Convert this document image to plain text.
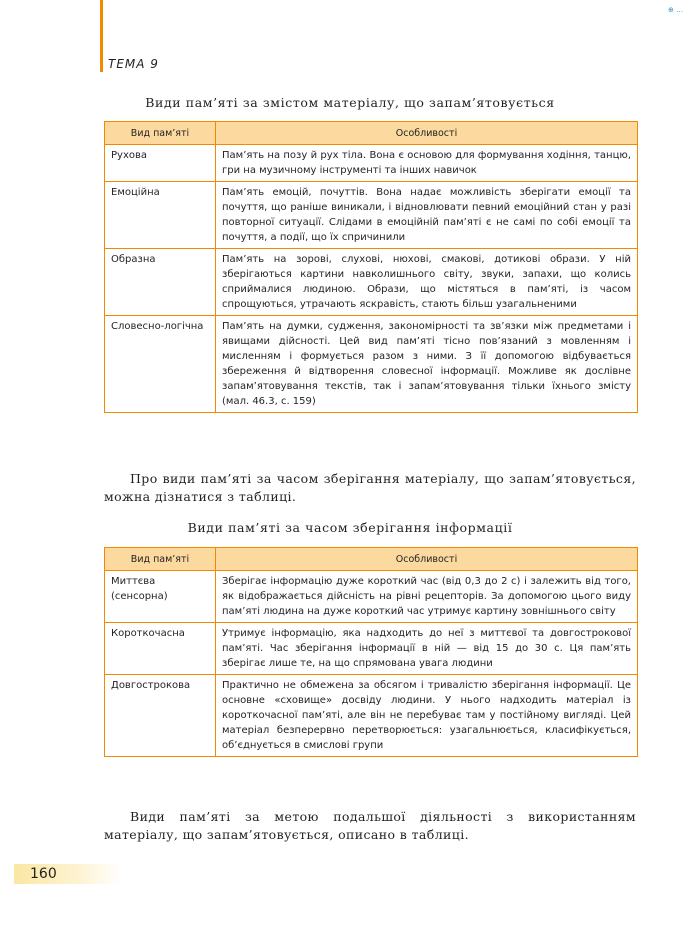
⊕ …
ТЕМА 9
Види пам’яті за змістом матеріалу, що запам’ятовується
Вид пам’яті	Особливості
Рухова	Пам’ять на позу й рух тіла. Вона є основою для формування ходіння, танцю, гри на музичному інструменті та інших навичок
Емоційна	Пам’ять емоцій, почуттів. Вона надає можливість зберігати емоції та почуття, що раніше виникали, і відновлювати певний емоційний стан у разі повторної ситуації. Слідами в емоційній пам’яті є не самі по собі емоції та почуття, а події, що їх спричинили
Образна	Пам’ять на зорові, слухові, нюхові, смакові, дотикові образи. У ній зберігаються картини навколишнього світу, звуки, запахи, що колись сприймалися людиною. Образи, що містяться в пам’яті, із часом спрощуються, утрачають яскравість, стають більш узагальненими
Словесно-логічна	Пам’ять на думки, судження, закономірності та зв’язки між предметами і явищами дійсності. Цей вид пам’яті тісно пов’язаний з мовленням і мисленням і формується разом з ними. З її допомогою відбувається збереження й відтворення словесної інформації. Можливе як дослівне запам’ятовування текстів, так і запам’ятовування тільки їхнього змісту (мал. 46.3, с. 159)

Про види пам’яті за часом зберігання матеріалу, що запам’ятовується, можна дізнатися з таблиці.

Види пам’яті за часом зберігання інформації
Вид пам’яті	Особливості
Миттєва (сенсорна)	Зберігає інформацію дуже короткий час (від 0,3 до 2 с) і залежить від того, як відображається дійсність на рівні рецепторів. За допомогою цього виду пам’яті людина на дуже короткий час утримує картину зовнішнього світу
Короткочасна	Утримує інформацію, яка надходить до неї з миттєвої та довгострокової пам’яті. Час зберігання інформації в ній — від 15 до 30 с. Ця пам’ять зберігає лише те, на що спрямована увага людини
Довгострокова	Практично не обмежена за обсягом і тривалістю зберігання інформації. Це основне «сховище» досвіду людини. У нього надходить матеріал із короткочасної пам’яті, але він не перебуває там у постійному вигляді. Цей матеріал безперервно перетворюється: узагальнюється, класифікується, об’єднується в смислові групи

Види пам’яті за метою подальшої діяльності з використанням матеріалу, що запам’ятовується, описано в таблиці.

160
